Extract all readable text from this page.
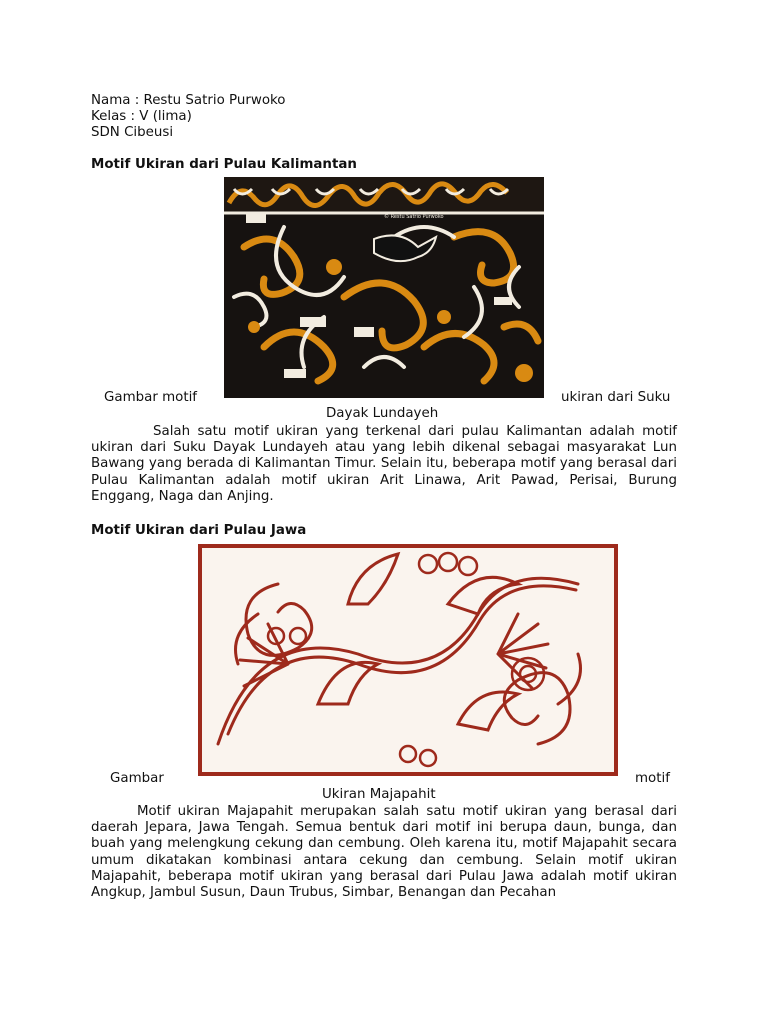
Nama : Restu Satrio Purwoko
Kelas : V (lima)
SDN Cibeusi
Motif Ukiran dari Pulau Kalimantan
© Restu Satrio Purwoko
Gambar motif	ukiran dari Suku
Dayak Lundayeh

Salah satu motif ukiran yang terkenal dari pulau Kalimantan adalah motif ukiran dari Suku Dayak Lundayeh atau yang lebih dikenal sebagai masyarakat Lun Bawang yang berada di Kalimantan Timur. Selain itu, beberapa motif yang berasal dari Pulau Kalimantan adalah motif ukiran Arit Linawa, Arit Pawad, Perisai, Burung Enggang, Naga dan Anjing.

Motif Ukiran dari Pulau Jawa
Gambar	motif
Ukiran Majapahit

Motif ukiran Majapahit merupakan salah satu motif ukiran yang berasal dari daerah Jepara, Jawa Tengah. Semua bentuk dari motif ini berupa daun, bunga, dan buah yang melengkung cekung dan cembung. Oleh karena itu, motif Majapahit secara umum dikatakan kombinasi antara cekung dan cembung. Selain motif ukiran Majapahit, beberapa motif ukiran yang berasal dari Pulau Jawa adalah motif ukiran Angkup, Jambul Susun, Daun Trubus, Simbar, Benangan dan Pecahan
